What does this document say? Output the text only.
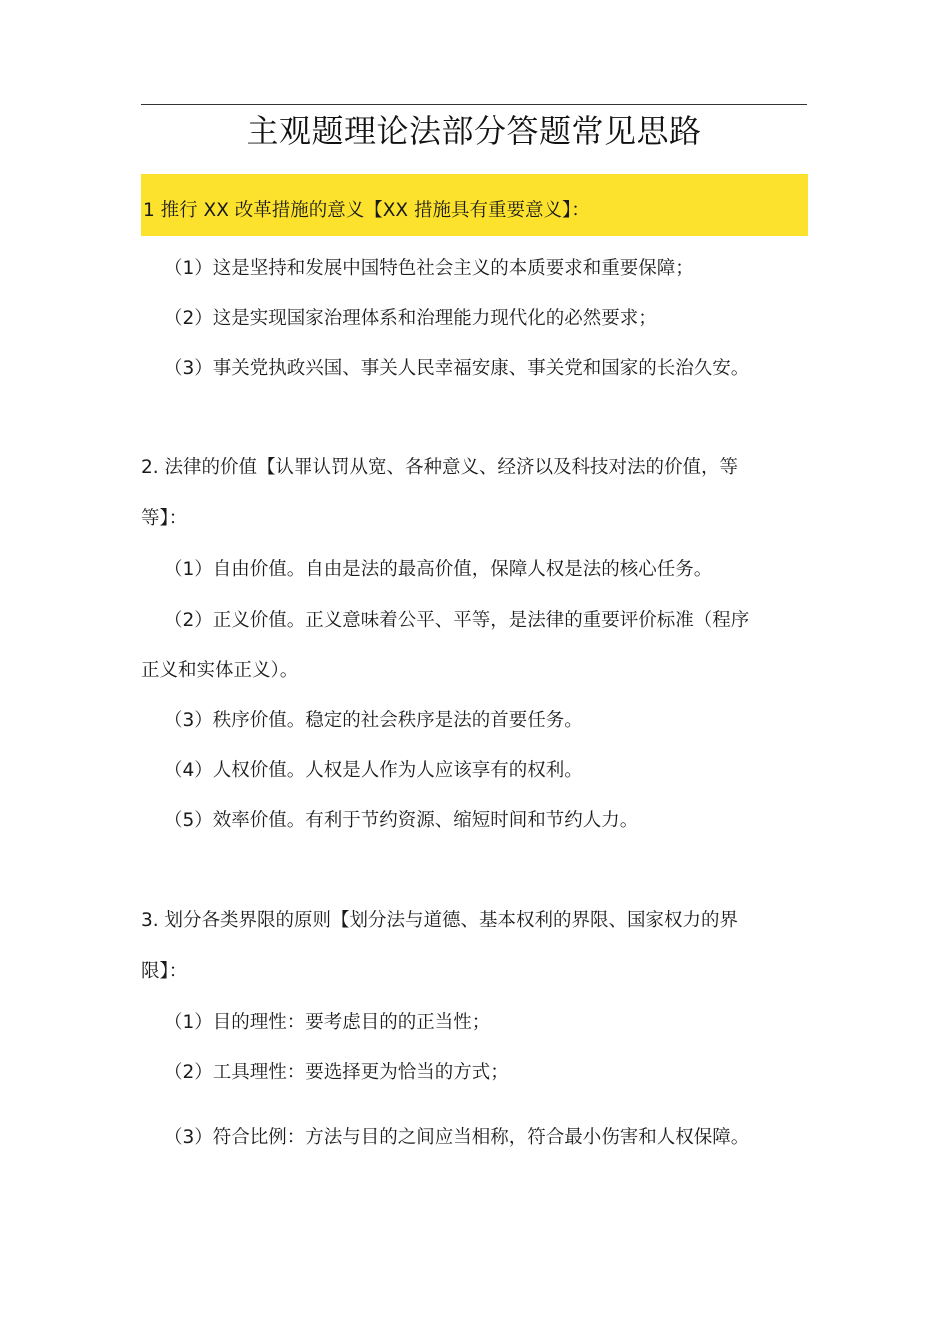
主观题理论法部分答题常见思路
1 推行 XX 改革措施的意义【XX 措施具有重要意义】：
（1）这是坚持和发展中国特色社会主义的本质要求和重要保障；
（2）这是实现国家治理体系和治理能力现代化的必然要求；
（3）事关党执政兴国、事关人民幸福安康、事关党和国家的长治久安。
2. 法律的价值【认罪认罚从宽、各种意义、经济以及科技对法的价值，等
等】：
（1）自由价值。自由是法的最高价值，保障人权是法的核心任务。
（2）正义价值。正义意味着公平、平等，是法律的重要评价标准（程序
正义和实体正义）。
（3）秩序价值。稳定的社会秩序是法的首要任务。
（4）人权价值。人权是人作为人应该享有的权利。
（5）效率价值。有利于节约资源、缩短时间和节约人力。
3. 划分各类界限的原则【划分法与道德、基本权利的界限、国家权力的界
限】：
（1）目的理性：要考虑目的的正当性；
（2）工具理性：要选择更为恰当的方式；
（3）符合比例：方法与目的之间应当相称，符合最小伤害和人权保障。
